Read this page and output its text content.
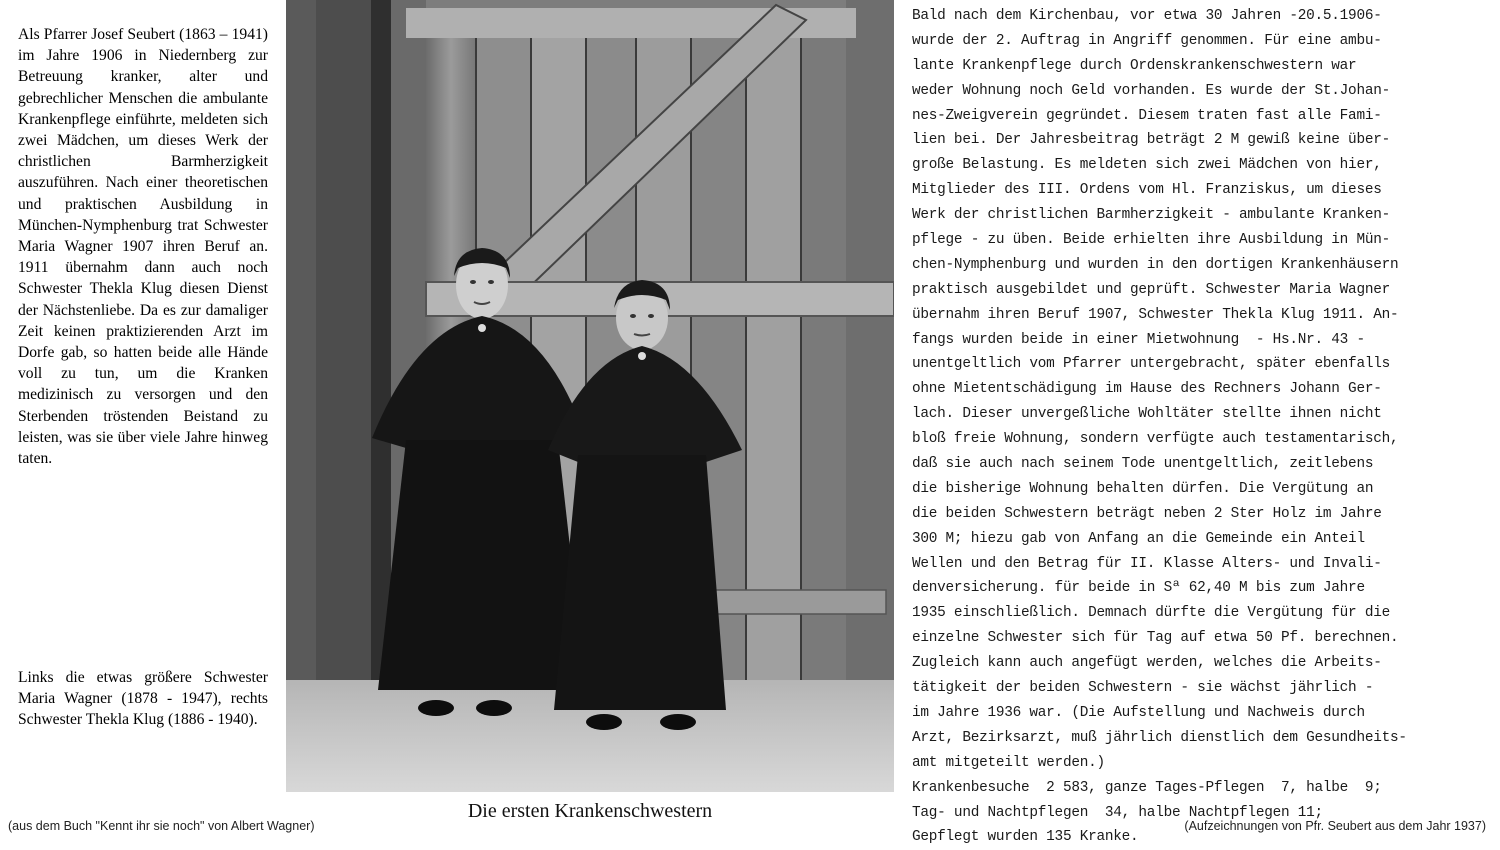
Als Pfarrer Josef Seubert (1863 – 1941) im Jahre 1906 in Niedernberg zur Betreuung kranker, alter und gebrechlicher Menschen die ambulante Krankenpflege einführte, meldeten sich zwei Mädchen, um dieses Werk der christlichen Barmherzigkeit auszuführen. Nach einer theoretischen und praktischen Ausbildung in München-Nymphenburg trat Schwester Maria Wagner 1907 ihren Beruf an. 1911 übernahm dann auch noch Schwester Thekla Klug diesen Dienst der Nächstenliebe. Da es zur damaliger Zeit keinen praktizierenden Arzt im Dorfe gab, so hatten beide alle Hände voll zu tun, um die Kranken medizinisch zu versorgen und den Sterbenden tröstenden Beistand zu leisten, was sie über viele Jahre hinweg taten.
Links die etwas größere Schwester Maria Wagner (1878 - 1947), rechts Schwester Thekla Klug (1886 - 1940).
Die ersten Krankenschwestern
Bald nach dem Kirchenbau, vor etwa 30 Jahren -20.5.1906-
wurde der 2. Auftrag in Angriff genommen. Für eine ambu-
lante Krankenpflege durch Ordenskrankenschwestern war
weder Wohnung noch Geld vorhanden. Es wurde der St.Johan-
nes-Zweigverein gegründet. Diesem traten fast alle Fami-
lien bei. Der Jahresbeitrag beträgt 2 M gewiß keine über-
große Belastung. Es meldeten sich zwei Mädchen von hier,
Mitglieder des III. Ordens vom Hl. Franziskus, um dieses
Werk der christlichen Barmherzigkeit - ambulante Kranken-
pflege - zu üben. Beide erhielten ihre Ausbildung in Mün-
chen-Nymphenburg und wurden in den dortigen Krankenhäusern
praktisch ausgebildet und geprüft. Schwester Maria Wagner
übernahm ihren Beruf 1907, Schwester Thekla Klug 1911. An-
fangs wurden beide in einer Mietwohnung  - Hs.Nr. 43 -
unentgeltlich vom Pfarrer untergebracht, später ebenfalls
ohne Mietentschädigung im Hause des Rechners Johann Ger-
lach. Dieser unvergeßliche Wohltäter stellte ihnen nicht
bloß freie Wohnung, sondern verfügte auch testamentarisch,
daß sie auch nach seinem Tode unentgeltlich, zeitlebens
die bisherige Wohnung behalten dürfen. Die Vergütung an
die beiden Schwestern beträgt neben 2 Ster Holz im Jahre
300 M; hiezu gab von Anfang an die Gemeinde ein Anteil
Wellen und den Betrag für II. Klasse Alters- und Invali-
denversicherung. für beide in Sª 62,40 M bis zum Jahre
1935 einschließlich. Demnach dürfte die Vergütung für die
einzelne Schwester sich für Tag auf etwa 50 Pf. berechnen.
Zugleich kann auch angefügt werden, welches die Arbeits-
tätigkeit der beiden Schwestern - sie wächst jährlich -
im Jahre 1936 war. (Die Aufstellung und Nachweis durch
Arzt, Bezirksarzt, muß jährlich dienstlich dem Gesundheits-
amt mitgeteilt werden.)
Krankenbesuche  2 583, ganze Tages-Pflegen  7, halbe  9;
Tag- und Nachtpflegen  34, halbe Nachtpflegen 11;
Gepflegt wurden 135 Kranke.
(aus dem Buch "Kennt ihr sie noch" von Albert Wagner)	(Aufzeichnungen von Pfr. Seubert aus dem Jahr 1937)
